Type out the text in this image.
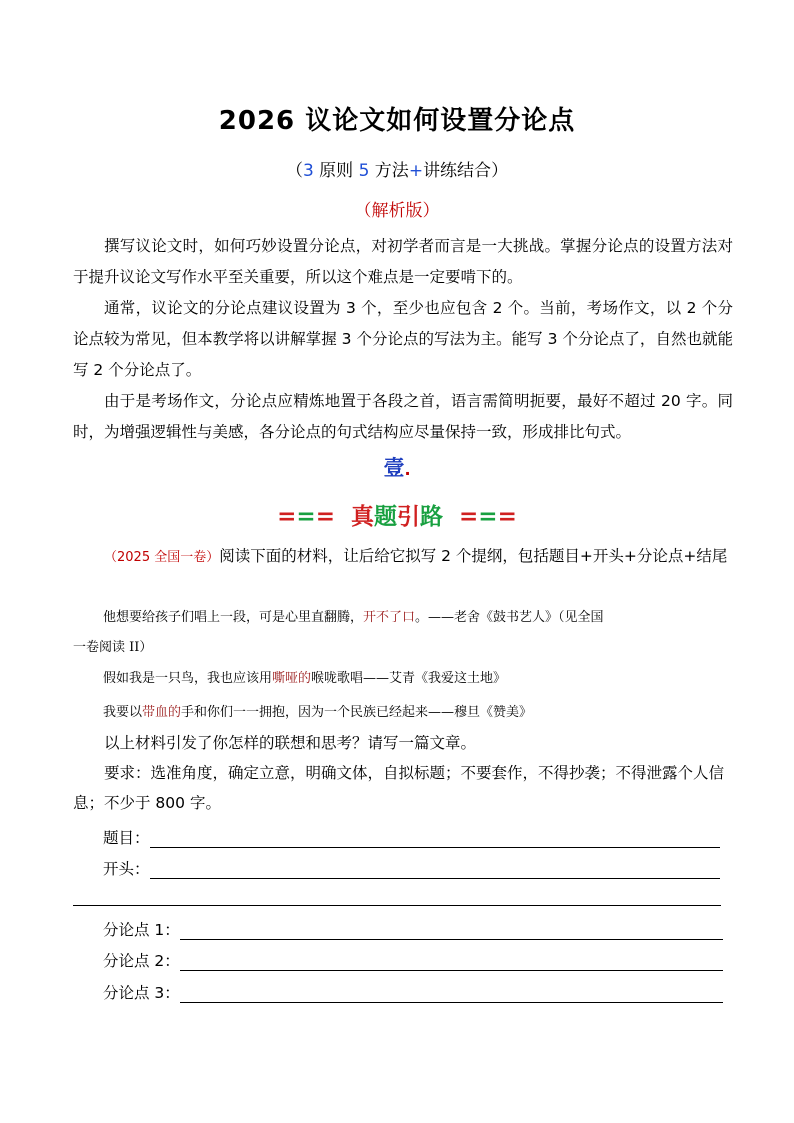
2026 议论文如何设置分论点
（3 原则 5 方法+讲练结合）
（解析版）

撰写议论文时，如何巧妙设置分论点，对初学者而言是一大挑战。掌握分论点的设置方法对于提升议论文写作水平至关重要，所以这个难点是一定要啃下的。

通常，议论文的分论点建议设置为 3 个，至少也应包含 2 个。当前，考场作文，以 2 个分论点较为常见，但本教学将以讲解掌握 3 个分论点的写法为主。能写 3 个分论点了，自然也就能写 2 个分论点了。

由于是考场作文，分论点应精炼地置于各段之首，语言需简明扼要，最好不超过 20 字。同时，为增强逻辑性与美感，各分论点的句式结构应尽量保持一致，形成排比句式。

壹.
=== 真题引路 ===
（2025 全国一卷）阅读下面的材料，让后给它拟写 2 个提纲，包括题目+开头+分论点+结尾
他想要给孩子们唱上一段，可是心里直翻腾，开不了口。——老舍《鼓书艺人》（见全国
一卷阅读 II）
假如我是一只鸟，我也应该用嘶哑的喉咙歌唱——艾青《我爱这土地》
我要以带血的手和你们一一拥抱，因为一个民族已经起来——穆旦《赞美》
以上材料引发了你怎样的联想和思考？请写一篇文章。
要求：选准角度，确定立意，明确文体，自拟标题；不要套作，不得抄袭；不得泄露个人信息；不少于 800 字。
题目：
开头：
分论点 1：
分论点 2：
分论点 3：
